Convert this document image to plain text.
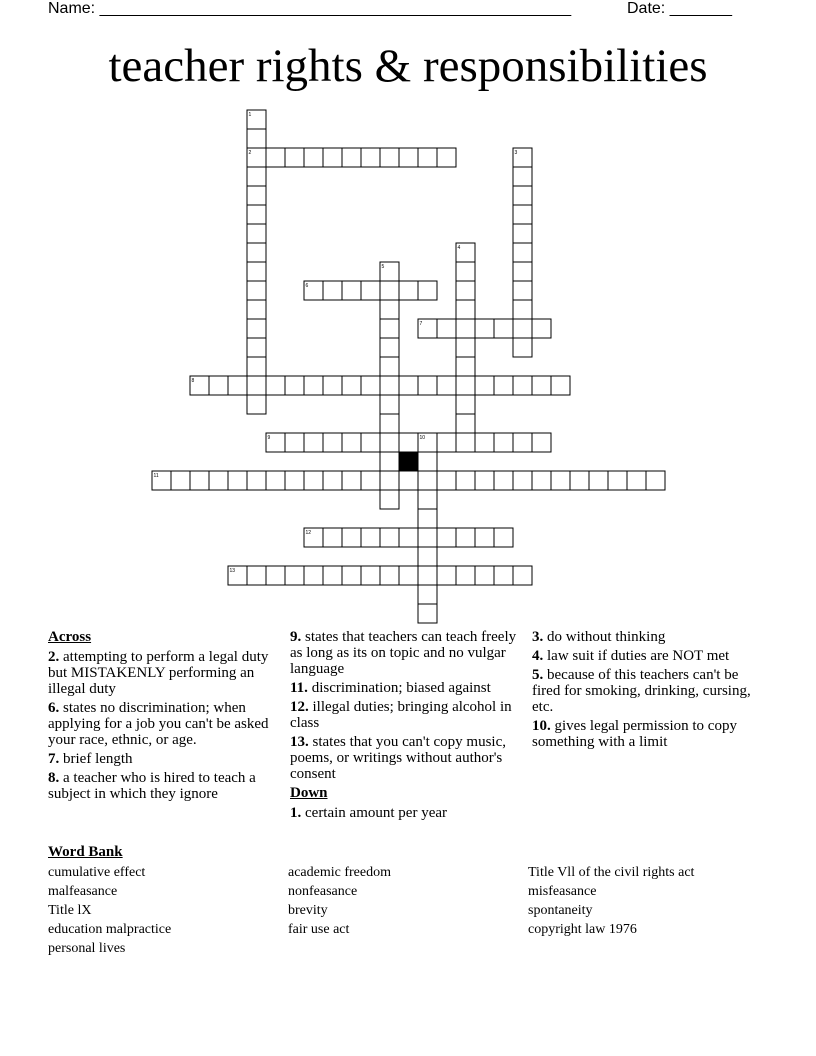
Name: _____________________________________________________	Date: _______
teacher rights & responsibilities
2
6
7
8
9
11
12
13
1
3
4
5
10
Across
2. attempting to perform a legal duty but MISTAKENLY performing an illegal duty
6. states no discrimination; when applying for a job you can't be asked your race, ethnic, or age.
7. brief length
8. a teacher who is hired to teach a subject in which they ignore
9. states that teachers can teach freely as long as its on topic and no vulgar language
11. discrimination; biased against
12. illegal duties; bringing alcohol in class
13. states that you can't copy music, poems, or writings without author's consent
Down
1. certain amount per year
3. do without thinking
4. law suit if duties are NOT met
5. because of this teachers can't be fired for smoking, drinking, cursing, etc.
10. gives legal permission to copy something with a limit
Word Bank
cumulative effect
malfeasance
Title lX
education malpractice
personal lives
academic freedom
nonfeasance
brevity
fair use act
Title Vll of the civil rights act
misfeasance
spontaneity
copyright law 1976
